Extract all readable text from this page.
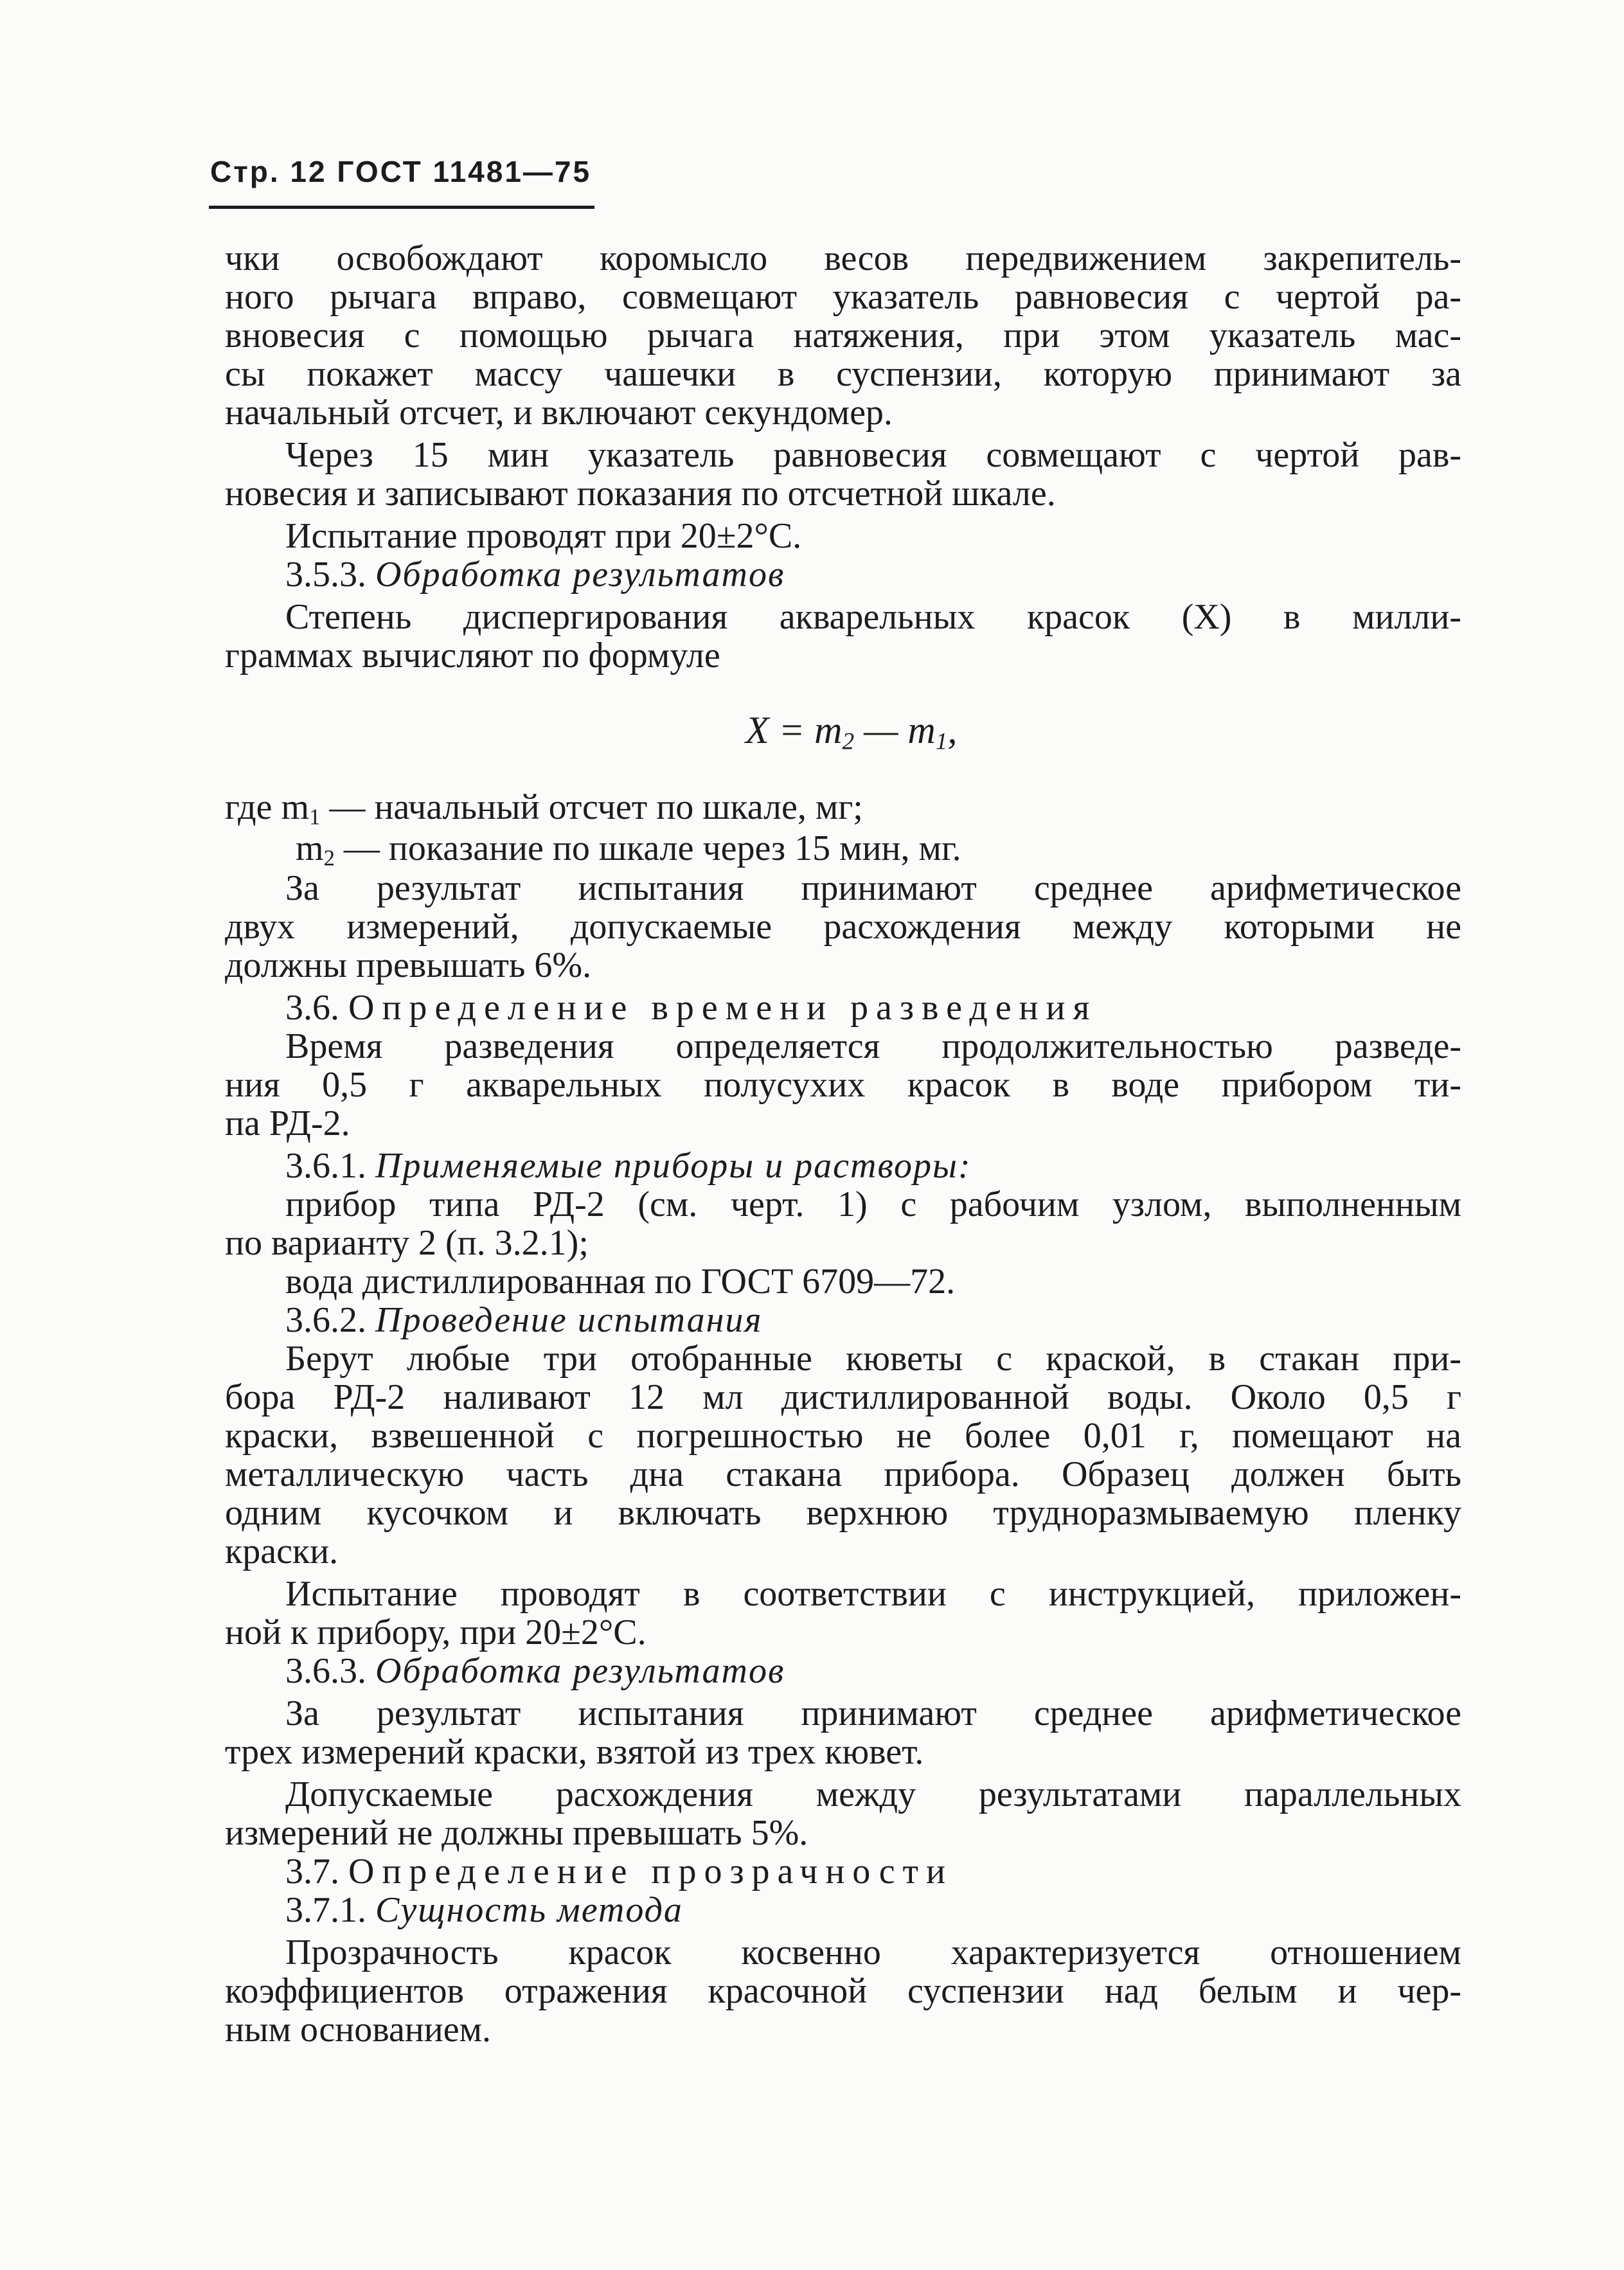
Стр. 12 ГОСТ 11481—75
чки освобождают коромысло весов передвижением закрепитель-
ного рычага вправо, совмещают указатель равновесия с чертой ра-
вновесия с помощью рычага натяжения, при этом указатель мас-
сы покажет массу чашечки в суспензии, которую принимают за
начальный отсчет, и включают секундомер.
Через 15 мин указатель равновесия совмещают с чертой рав-
новесия и записывают показания по отсчетной шкале.
Испытание проводят при 20±2°С.
3.5.3. Обработка результатов
Степень диспергирования акварельных красок (X) в милли-
граммах вычисляют по формуле
$X = m_2$ — $m_1$,
где $m_1$ — начальный отсчет по шкале, мг;
$m_2$ — показание по шкале через 15 мин, мг.
За результат испытания принимают среднее арифметическое
двух измерений, допускаемые расхождения между которыми не
должны превышать 6%.
3.6. Определение времени разведения
Время разведения определяется продолжительностью разведе-
ния 0,5 г акварельных полусухих красок в воде прибором ти-
па РД-2.
3.6.1. Применяемые приборы и растворы:
прибор типа РД-2 (см. черт. 1) с рабочим узлом, выполненным
по варианту 2 (п. 3.2.1);
вода дистиллированная по ГОСТ 6709—72.
3.6.2. Проведение испытания
Берут любые три отобранные кюветы с краской, в стакан при-
бора РД-2 наливают 12 мл дистиллированной воды. Около 0,5 г
краски, взвешенной с погрешностью не более 0,01 г, помещают на
металлическую часть дна стакана прибора. Образец должен быть
одним кусочком и включать верхнюю трудноразмываемую пленку
краски.
Испытание проводят в соответствии с инструкцией, приложен-
ной к прибору, при 20±2°С.
3.6.3. Обработка результатов
За результат испытания принимают среднее арифметическое
трех измерений краски, взятой из трех кювет.
Допускаемые расхождения между результатами параллельных
измерений не должны превышать 5%.
3.7. Определение прозрачности
3.7.1. Сущность метода
Прозрачность красок косвенно характеризуется отношением
коэффициентов отражения красочной суспензии над белым и чер-
ным основанием.
